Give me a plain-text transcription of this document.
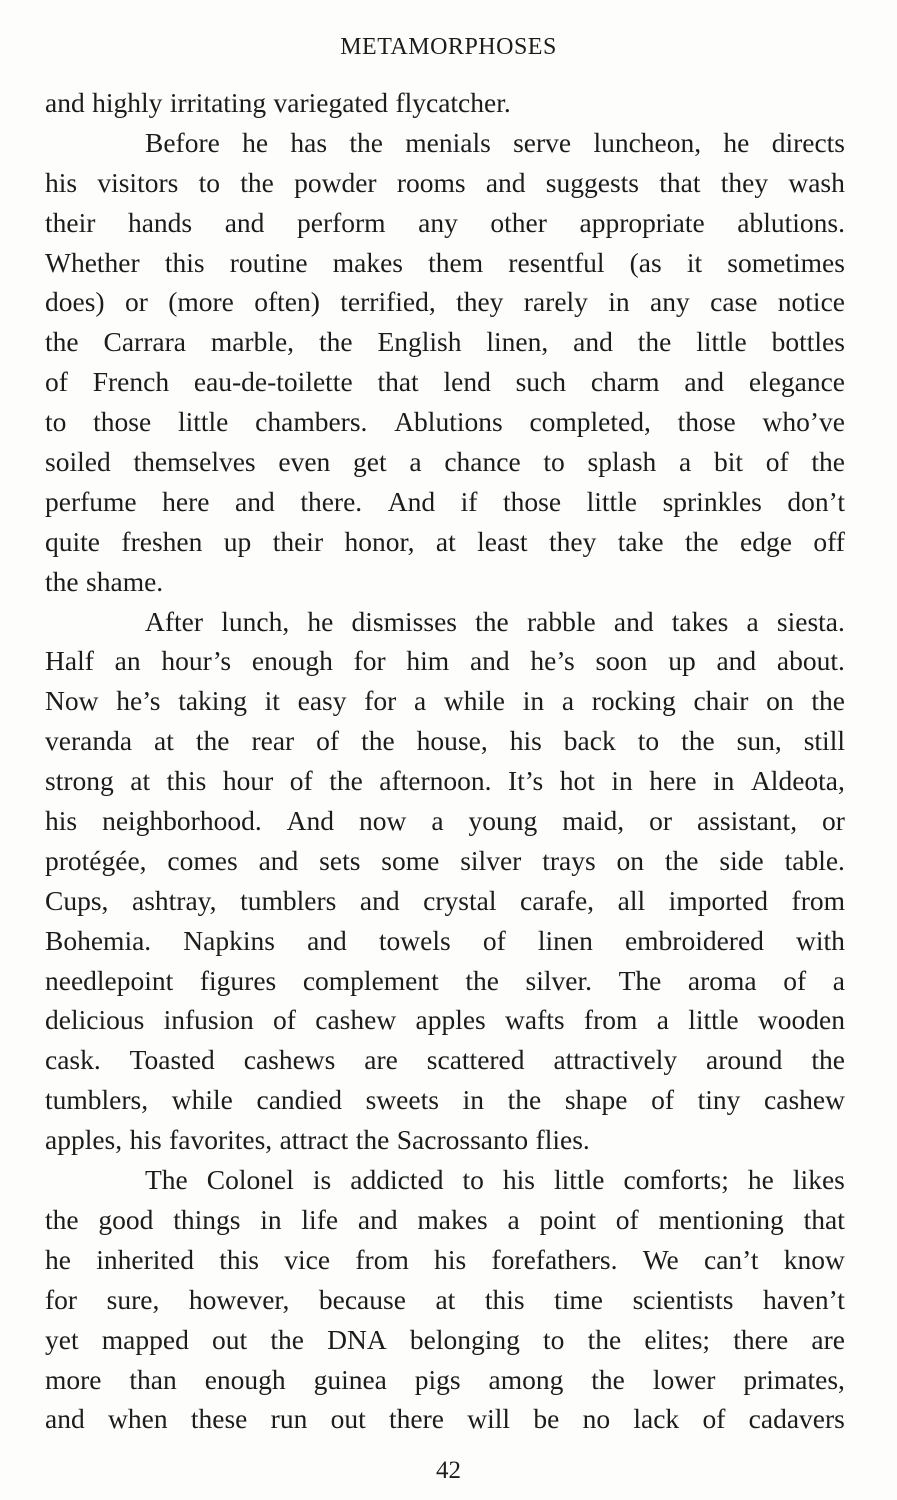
METAMORPHOSES
and highly irritating variegated flycatcher.
Before he has the menials serve luncheon, he directs
his visitors to the powder rooms and suggests that they wash
their hands and perform any other appropriate ablutions.
Whether this routine makes them resentful (as it sometimes
does) or (more often) terrified, they rarely in any case notice
the Carrara marble, the English linen, and the little bottles
of French eau-de-toilette that lend such charm and elegance
to those little chambers. Ablutions completed, those who’ve
soiled themselves even get a chance to splash a bit of the
perfume here and there. And if those little sprinkles don’t
quite freshen up their honor, at least they take the edge off
the shame.
After lunch, he dismisses the rabble and takes a siesta.
Half an hour’s enough for him and he’s soon up and about.
Now he’s taking it easy for a while in a rocking chair on the
veranda at the rear of the house, his back to the sun, still
strong at this hour of the afternoon. It’s hot in here in Aldeota,
his neighborhood. And now a young maid, or assistant, or
protégée, comes and sets some silver trays on the side table.
Cups, ashtray, tumblers and crystal carafe, all imported from
Bohemia. Napkins and towels of linen embroidered with
needlepoint figures complement the silver. The aroma of a
delicious infusion of cashew apples wafts from a little wooden
cask. Toasted cashews are scattered attractively around the
tumblers, while candied sweets in the shape of tiny cashew
apples, his favorites, attract the Sacrossanto flies.
The Colonel is addicted to his little comforts; he likes
the good things in life and makes a point of mentioning that
he inherited this vice from his forefathers. We can’t know
for sure, however, because at this time scientists haven’t
yet mapped out the DNA belonging to the elites; there are
more than enough guinea pigs among the lower primates,
and when these run out there will be no lack of cadavers
42
